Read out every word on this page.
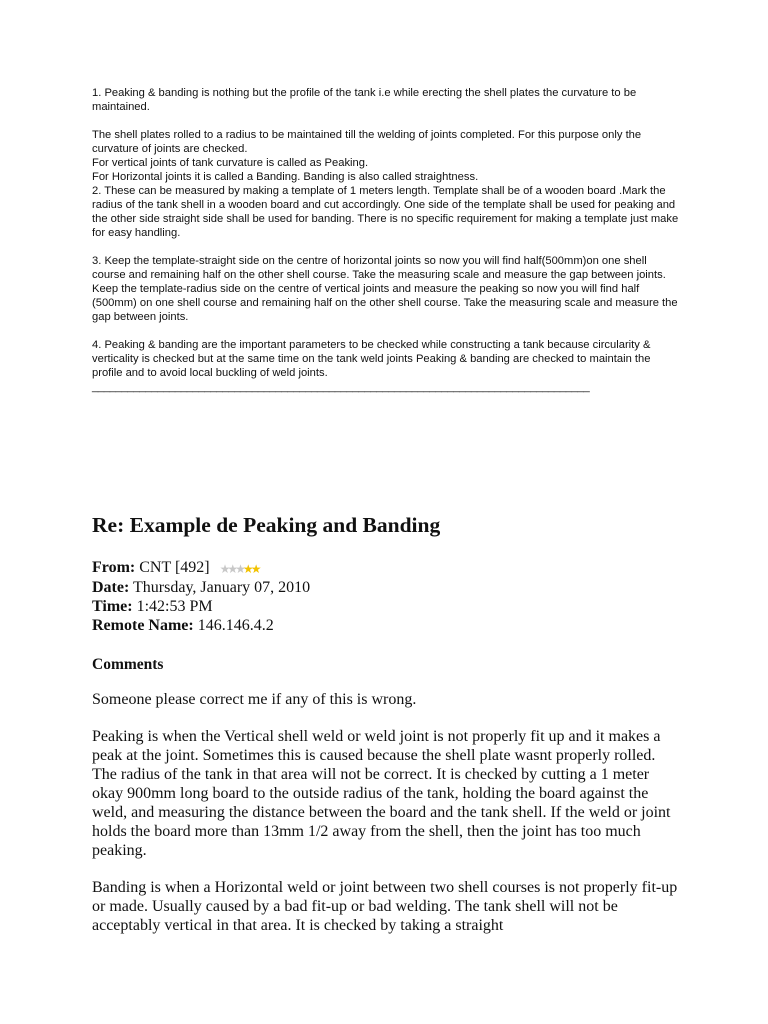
1. Peaking & banding is nothing but the profile of the tank i.e while erecting the shell plates the curvature to be maintained.

The shell plates rolled to a radius to be maintained till the welding of joints completed. For this purpose only the curvature of joints are checked.

For vertical joints of tank curvature is called as Peaking.

For Horizontal joints it is called a Banding. Banding is also called straightness.

2. These can be measured by making a template of 1 meters length. Template shall be of a wooden board .Mark the radius of the tank shell in a wooden board and cut accordingly. One side of the template shall be used for peaking and the other side straight side shall be used for banding. There is no specific requirement for making a template just make for easy handling.

3. Keep the template-straight side on the centre of horizontal joints so now you will find half(500mm)on one shell course and remaining half on the other shell course. Take the measuring scale and measure the gap between joints.

Keep the template-radius side on the centre of vertical joints and measure the peaking so now you will find half (500mm) on one shell course and remaining half on the other shell course. Take the measuring scale and measure the gap between joints.

4. Peaking & banding are the important parameters to be checked while constructing a tank because circularity & verticality is checked but at the same time on the tank weld joints Peaking & banding are checked to maintain the profile and to avoid local buckling of weld joints.

____________________________________________________________________________________
Re: Example de Peaking and Banding
From: CNT [492] ★★★★★
Date: Thursday, January 07, 2010
Time: 1:42:53 PM
Remote Name: 146.146.4.2
Comments

Someone please correct me if any of this is wrong.

Peaking is when the Vertical shell weld or weld joint is not properly fit up and it makes a peak at the joint. Sometimes this is caused because the shell plate wasnt properly rolled. The radius of the tank in that area will not be correct. It is checked by cutting a 1 meter okay 900mm long board to the outside radius of the tank, holding the board against the weld, and measuring the distance between the board and the tank shell. If the weld or joint holds the board more than 13mm 1/2 away from the shell, then the joint has too much peaking.

Banding is when a Horizontal weld or joint between two shell courses is not properly fit-up or made. Usually caused by a bad fit-up or bad welding. The tank shell will not be acceptably vertical in that area. It is checked by taking a straight
